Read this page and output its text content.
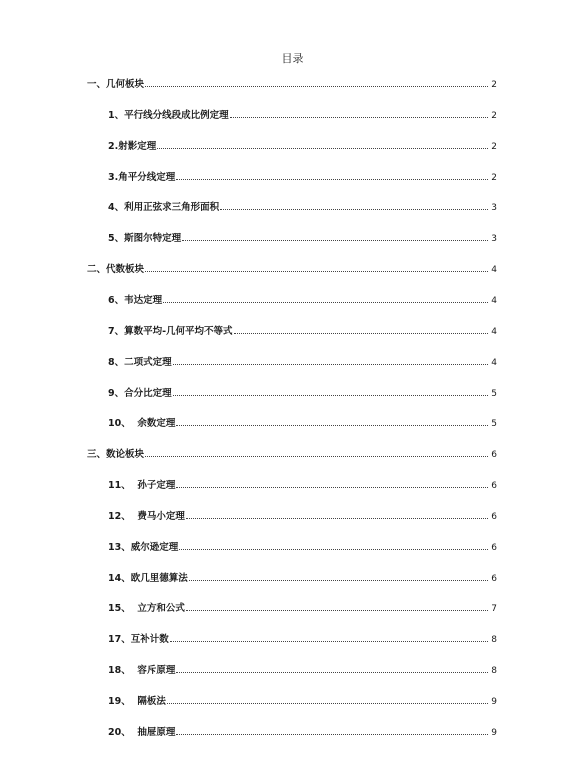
目录
一、几何板块	2
1、平行线分线段成比例定理	2
2.射影定理	2
3.角平分线定理	2
4、利用正弦求三角形面积	3
5、斯图尔特定理	3
二、代数板块	4
6、韦达定理	4
7、算数平均-几何平均不等式	4
8、二项式定理	4
9、合分比定理	5
10、  余数定理	5
三、数论板块	6
11、  孙子定理	6
12、  费马小定理	6
13、威尔逊定理	6
14、欧几里德算法	6
15、  立方和公式	7
17、互补计数	8
18、  容斥原理	8
19、  隔板法	9
20、  抽屉原理	9
